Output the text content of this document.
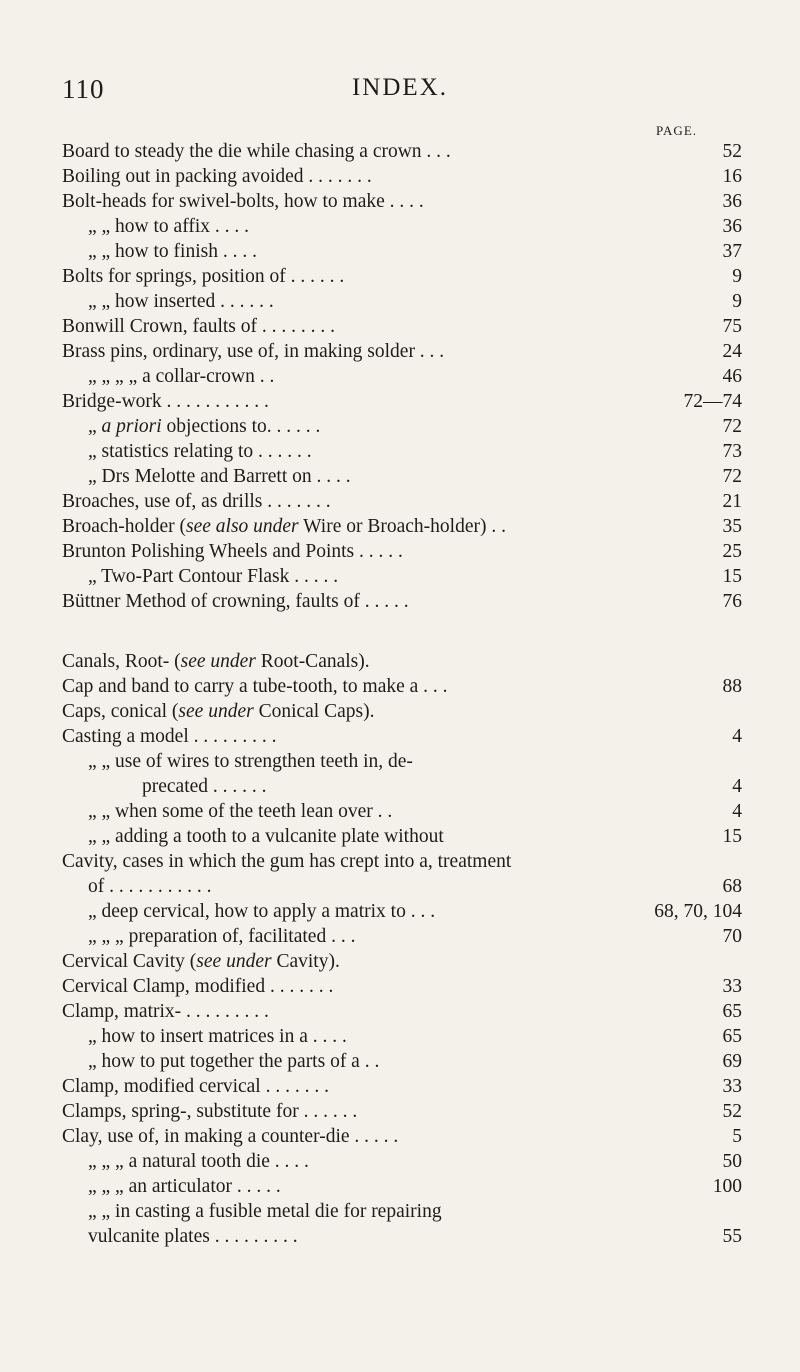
110	INDEX.
PAGE.
Board to steady the die while chasing a crown . . .	52
Boiling out in packing avoided . . . . . . .	16
Bolt-heads for swivel-bolts, how to make . . . .	36
„ „ how to affix . . . .	36
„ „ how to finish . . . .	37
Bolts for springs, position of . . . . . .	9
„ „ how inserted . . . . . .	9
Bonwill Crown, faults of . . . . . . . .	75
Brass pins, ordinary, use of, in making solder . . .	24
„ „ „ „ a collar-crown . .	46
Bridge-work . . . . . . . . . . .	72—74
„ a priori objections to. . . . . .	72
„ statistics relating to . . . . . .	73
„ Drs Melotte and Barrett on . . . .	72
Broaches, use of, as drills . . . . . . .	21
Broach-holder (see also under Wire or Broach-holder) . .	35
Brunton Polishing Wheels and Points . . . . .	25
„ Two-Part Contour Flask . . . . .	15
Büttner Method of crowning, faults of . . . . .	76
Canals, Root- (see under Root-Canals).
Cap and band to carry a tube-tooth, to make a . . .	88
Caps, conical (see under Conical Caps).
Casting a model . . . . . . . . .	4
„ „ use of wires to strengthen teeth in, de-
precated . . . . . .	4
„ „ when some of the teeth lean over . .	4
„ „ adding a tooth to a vulcanite plate without	15
Cavity, cases in which the gum has crept into a, treatment
of . . . . . . . . . . .	68
„ deep cervical, how to apply a matrix to . . .	68, 70, 104
„ „ „ preparation of, facilitated . . .	70
Cervical Cavity (see under Cavity).
Cervical Clamp, modified . . . . . . .	33
Clamp, matrix- . . . . . . . . .	65
„ how to insert matrices in a . . . .	65
„ how to put together the parts of a . .	69
Clamp, modified cervical . . . . . . .	33
Clamps, spring-, substitute for . . . . . .	52
Clay, use of, in making a counter-die . . . . .	5
„ „ „ a natural tooth die . . . .	50
„ „ „ an articulator . . . . .	100
„ „ in casting a fusible metal die for repairing
vulcanite plates . . . . . . . . .	55
